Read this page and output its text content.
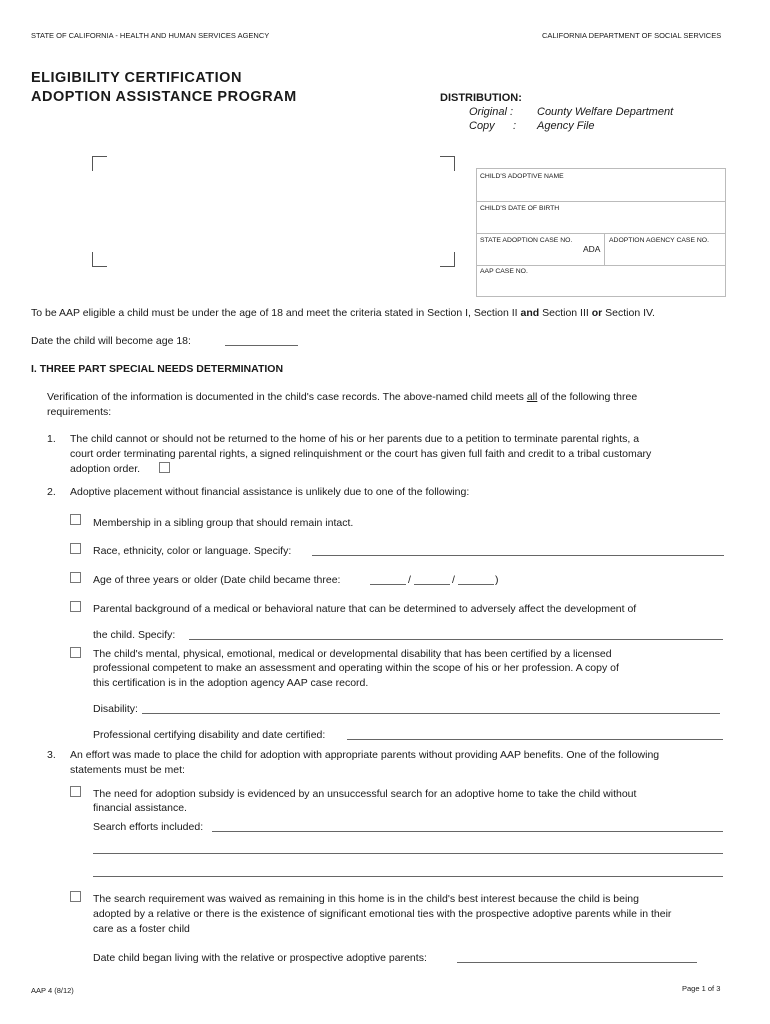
STATE OF CALIFORNIA - HEALTH AND HUMAN SERVICES AGENCY	CALIFORNIA DEPARTMENT OF SOCIAL SERVICES
ELIGIBILITY CERTIFICATION
ADOPTION ASSISTANCE PROGRAM	DISTRIBUTION:
Original : County Welfare Department
Copy      : Agency File
CHILD'S ADOPTIVE NAME
CHILD'S DATE OF BIRTH
STATE ADOPTION CASE NO.
ADA
ADOPTION AGENCY CASE NO.
AAP CASE NO.
To be AAP eligible a child must be under the age of 18 and meet the criteria stated in Section I, Section II and Section III or Section IV.
Date the child will become age 18:
I. THREE PART SPECIAL NEEDS DETERMINATION
Verification of the information is documented in the child's case records. The above-named child meets all of the following three
requirements:
1. The child cannot or should not be returned to the home of his or her parents due to a petition to terminate parental rights, a
court order terminating parental rights, a signed relinquishment or the court has given full faith and credit to a tribal customary
adoption order.
2. Adoptive placement without financial assistance is unlikely due to one of the following:
Membership in a sibling group that should remain intact.
Race, ethnicity, color or language. Specify:
Age of three years or older (Date child became three:	/	/	)
Parental background of a medical or behavioral nature that can be determined to adversely affect the development of
the child. Specify:
The child's mental, physical, emotional, medical or developmental disability that has been certified by a licensed
professional competent to make an assessment and operating within the scope of his or her profession. A copy of
this certification is in the adoption agency AAP case record.
Disability:
Professional certifying disability and date certified:
3. An effort was made to place the child for adoption with appropriate parents without providing AAP benefits. One of the following
statements must be met:
The need for adoption subsidy is evidenced by an unsuccessful search for an adoptive home to take the child without
financial assistance.
Search efforts included:
The search requirement was waived as remaining in this home is in the child's best interest because the child is being
adopted by a relative or there is the existence of significant emotional ties with the prospective adoptive parents while in their
care as a foster child
Date child began living with the relative or prospective adoptive parents:
AAP 4 (8/12)	Page 1 of 3
